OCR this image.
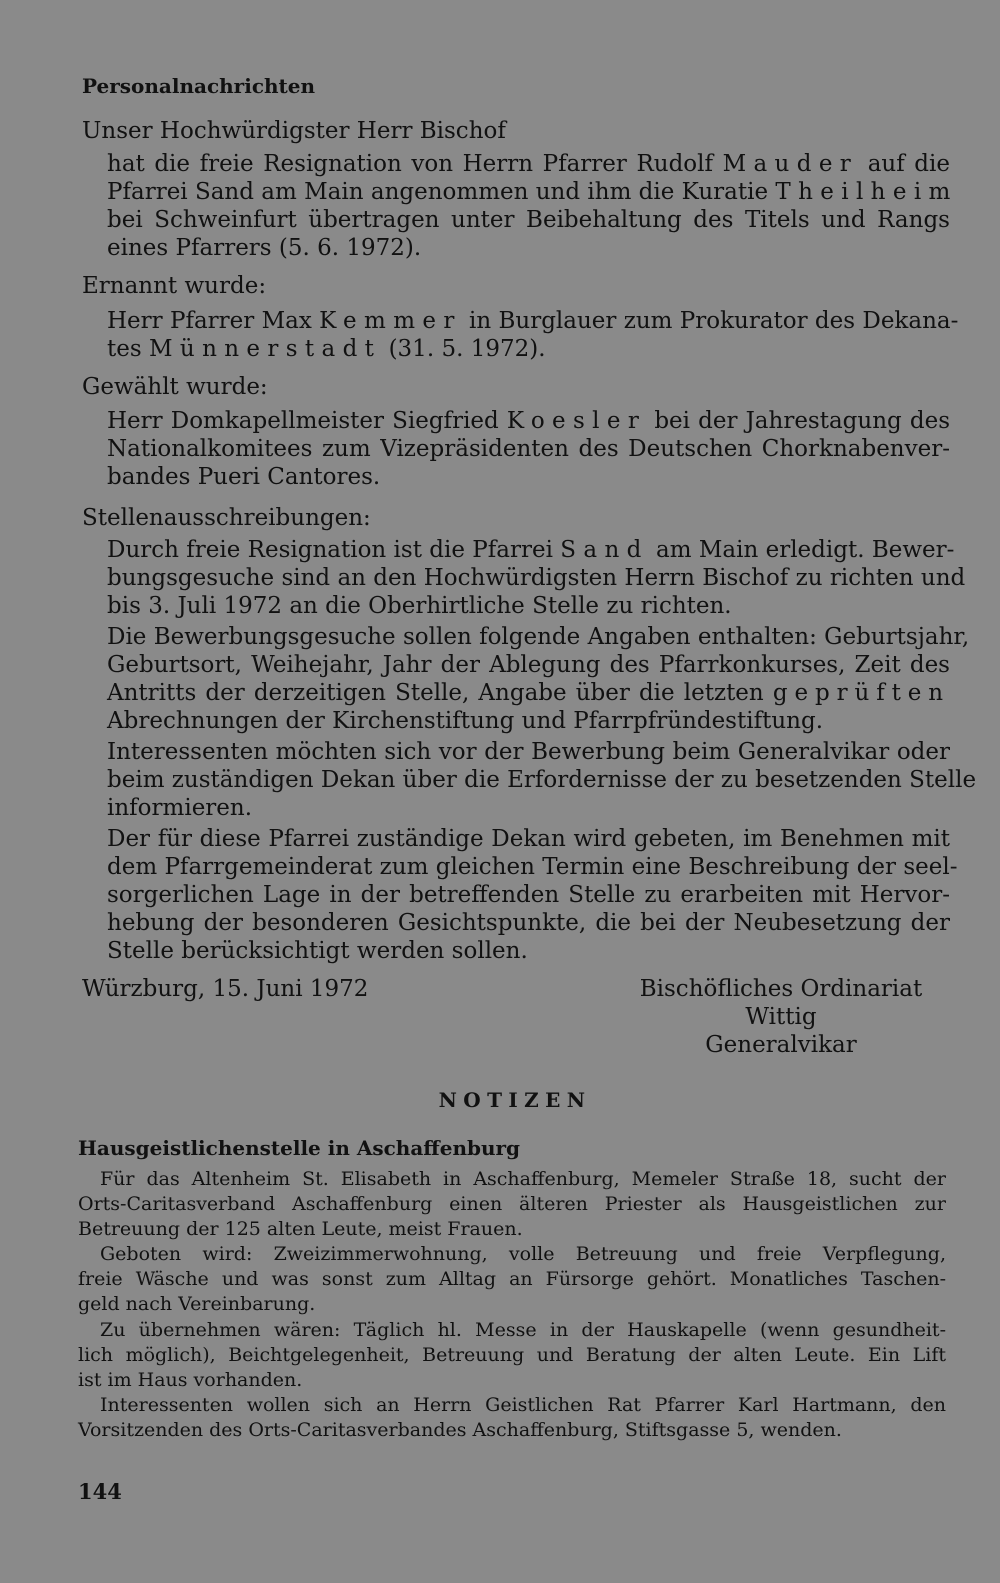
Personalnachrichten
Unser Hochwürdigster Herr Bischof
hat die freie Resignation von Herrn Pfarrer Rudolf Mauder auf die
Pfarrei Sand am Main angenommen und ihm die Kuratie Theilheim
bei Schweinfurt übertragen unter Beibehaltung des Titels und Rangs
eines Pfarrers (5. 6. 1972).
Ernannt wurde:
Herr Pfarrer Max Kemmer in Burglauer zum Prokurator des Dekana-
tes Münnerstadt (31. 5. 1972).
Gewählt wurde:
Herr Domkapellmeister Siegfried Koesler bei der Jahrestagung des
Nationalkomitees zum Vizepräsidenten des Deutschen Chorknabenver-
bandes Pueri Cantores.
Stellenausschreibungen:
Durch freie Resignation ist die Pfarrei Sand am Main erledigt. Bewer-
bungsgesuche sind an den Hochwürdigsten Herrn Bischof zu richten und
bis 3. Juli 1972 an die Oberhirtliche Stelle zu richten.
Die Bewerbungsgesuche sollen folgende Angaben enthalten: Geburtsjahr,
Geburtsort, Weihejahr, Jahr der Ablegung des Pfarrkonkurses, Zeit des
Antritts der derzeitigen Stelle, Angabe über die letzten geprüften
Abrechnungen der Kirchenstiftung und Pfarrpfründestiftung.
Interessenten möchten sich vor der Bewerbung beim Generalvikar oder
beim zuständigen Dekan über die Erfordernisse der zu besetzenden Stelle
informieren.
Der für diese Pfarrei zuständige Dekan wird gebeten, im Benehmen mit
dem Pfarrgemeinderat zum gleichen Termin eine Beschreibung der seel-
sorgerlichen Lage in der betreffenden Stelle zu erarbeiten mit Hervor-
hebung der besonderen Gesichtspunkte, die bei der Neubesetzung der
Stelle berücksichtigt werden sollen.
Würzburg, 15. Juni 1972	Bischöfliches Ordinariat
Wittig
Generalvikar
NOTIZEN
Hausgeistlichenstelle in Aschaffenburg
Für das Altenheim St. Elisabeth in Aschaffenburg, Memeler Straße 18, sucht der
Orts-Caritasverband Aschaffenburg einen älteren Priester als Hausgeistlichen zur
Betreuung der 125 alten Leute, meist Frauen.
Geboten wird: Zweizimmerwohnung, volle Betreuung und freie Verpflegung,
freie Wäsche und was sonst zum Alltag an Fürsorge gehört. Monatliches Taschen-
geld nach Vereinbarung.
Zu übernehmen wären: Täglich hl. Messe in der Hauskapelle (wenn gesundheit-
lich möglich), Beichtgelegenheit, Betreuung und Beratung der alten Leute. Ein Lift
ist im Haus vorhanden.
Interessenten wollen sich an Herrn Geistlichen Rat Pfarrer Karl Hartmann, den
Vorsitzenden des Orts-Caritasverbandes Aschaffenburg, Stiftsgasse 5, wenden.
144
